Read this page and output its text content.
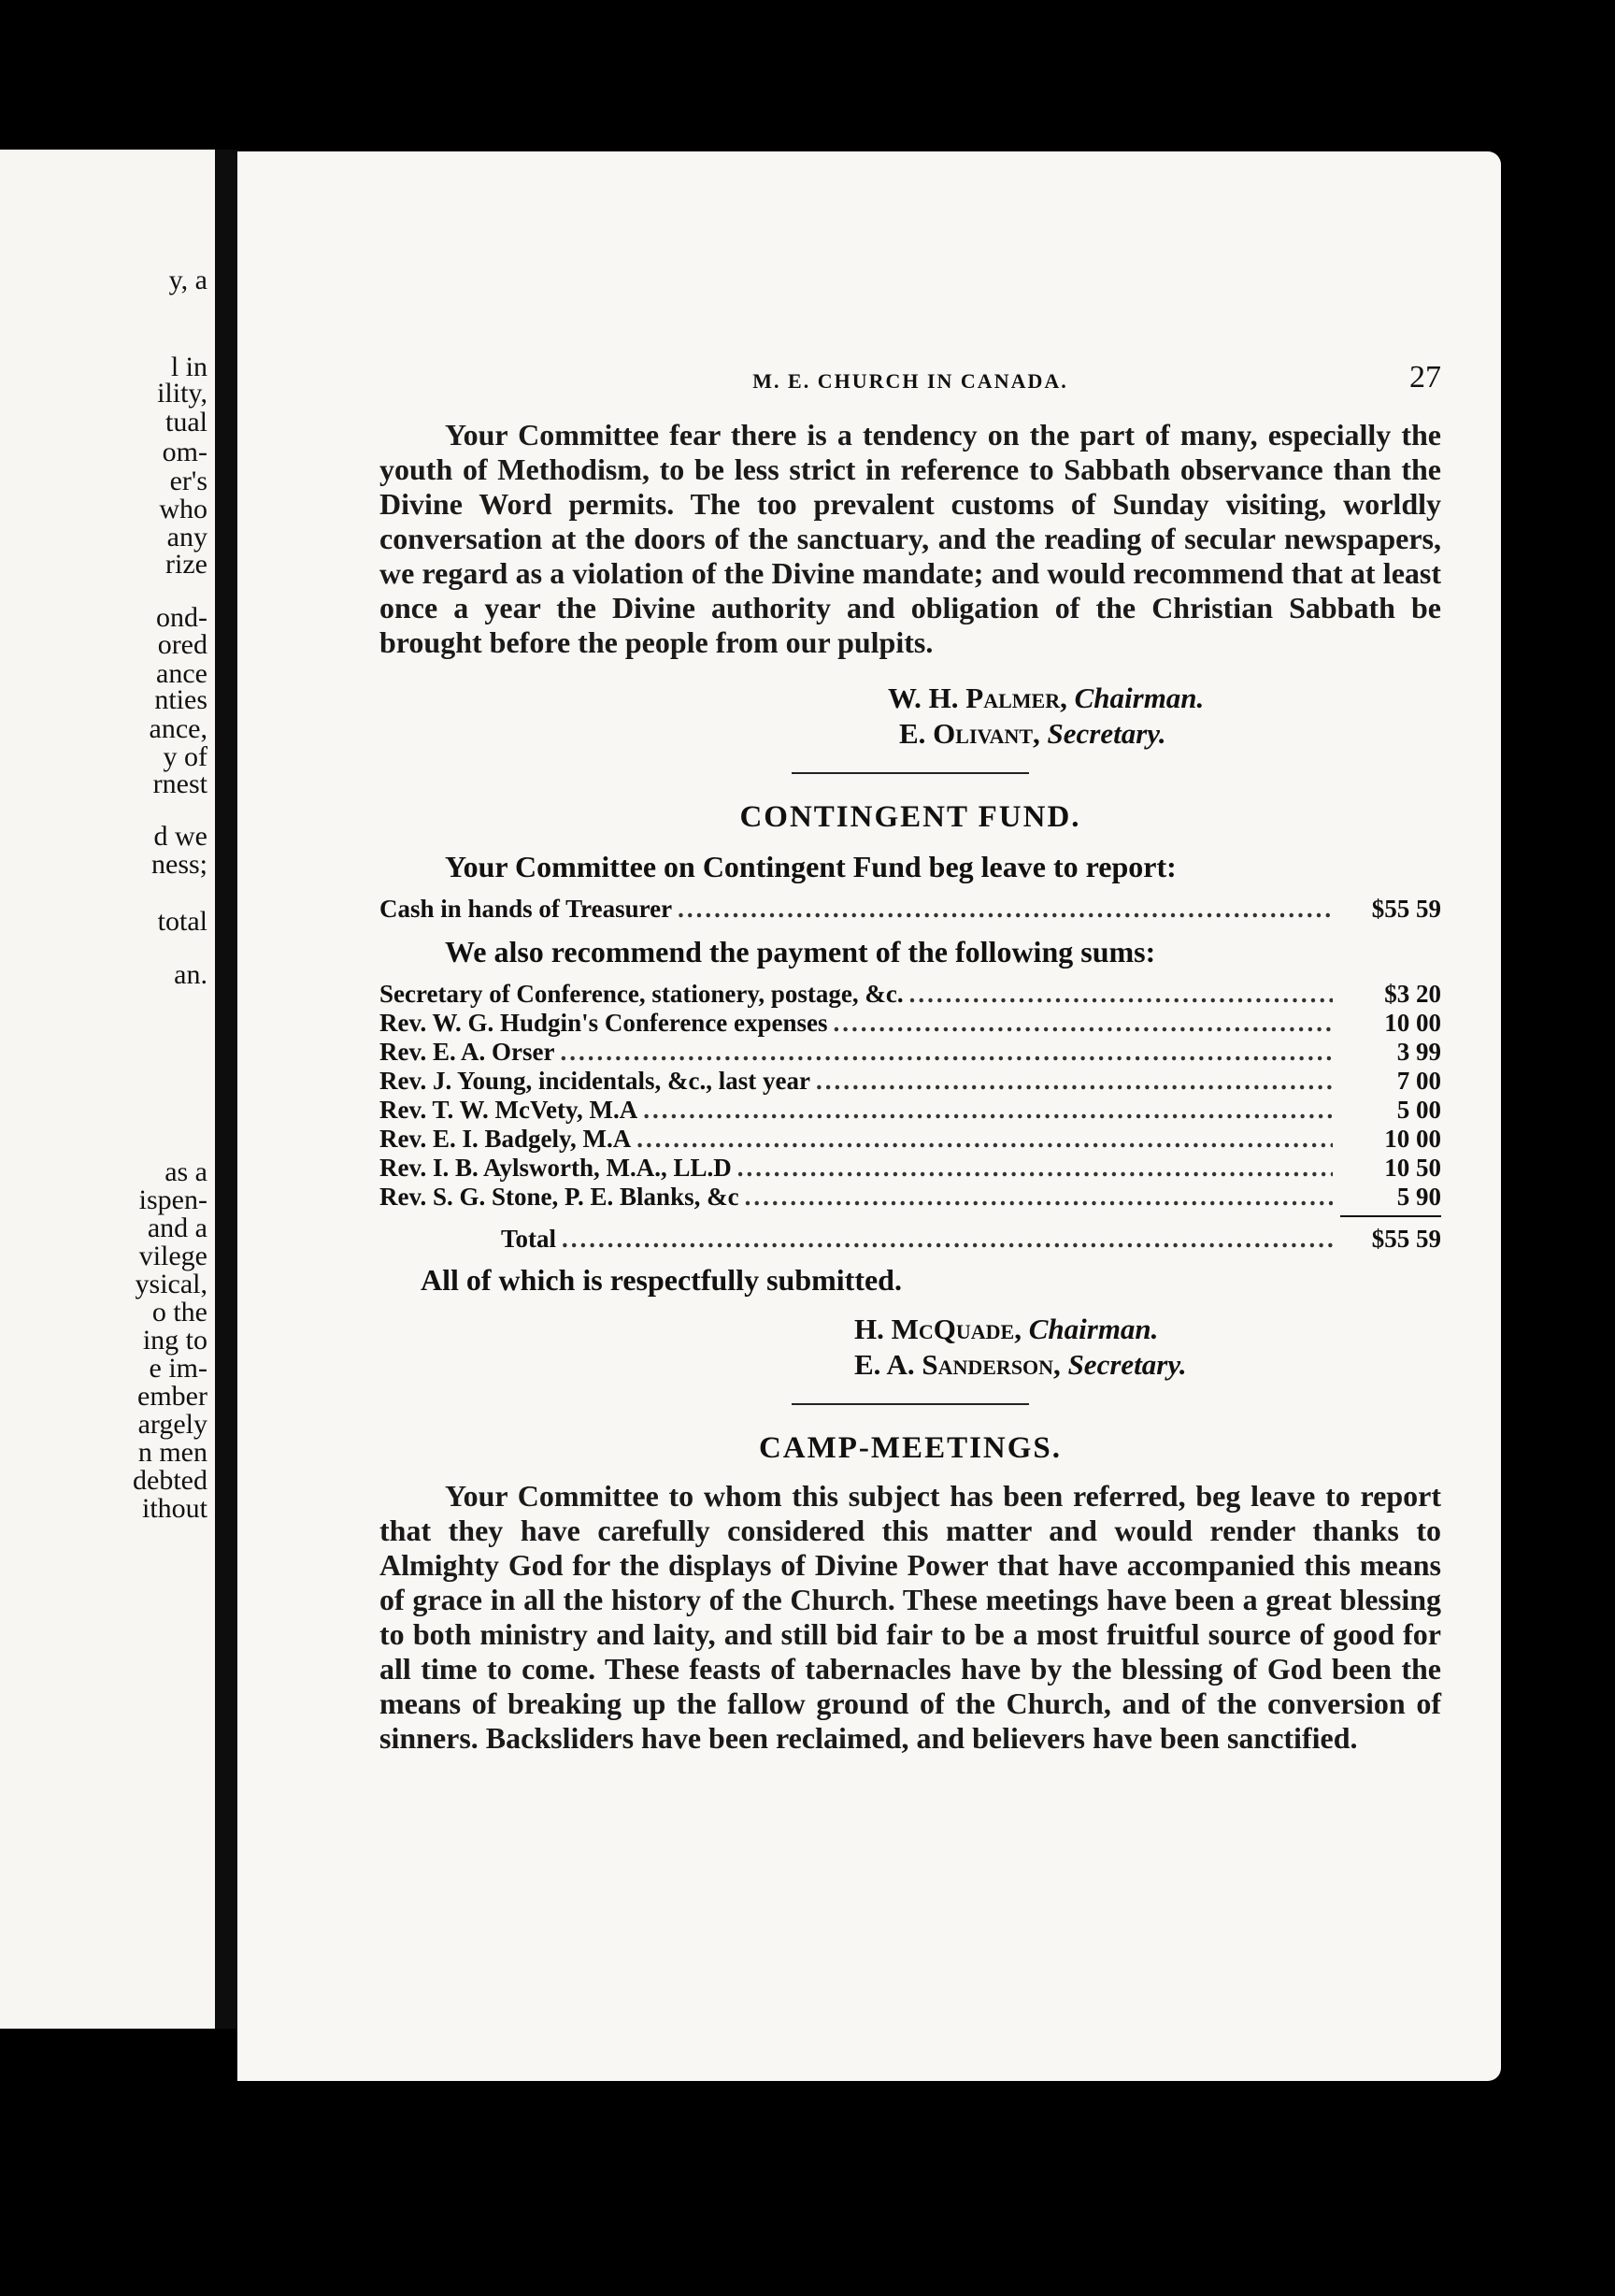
y, a
l in
ility,
tual
om-
er's
who
any
rize
ond-
ored
ance
nties
ance,
y of
rnest
d we
ness;
total
an.
as a
ispen-
and a
vilege
ysical,
o the
ing to
e im-
ember
argely
n men
debted
ithout
M. E. CHURCH IN CANADA.	27

Your Committee fear there is a tendency on the part of many, especially the youth of Methodism, to be less strict in reference to Sabbath observance than the Divine Word permits. The too prevalent customs of Sunday visiting, worldly conversation at the doors of the sanctuary, and the reading of secular newspapers, we regard as a violation of the Divine mandate; and would recommend that at least once a year the Divine authority and obligation of the Christian Sabbath be brought before the people from our pulpits.

W. H. Palmer, Chairman.

E. Olivant, Secretary.

CONTINGENT FUND.

Your Committee on Contingent Fund beg leave to report:

Cash in hands of Treasurer .....	$55 59

We also recommend the payment of the following sums:

Secretary of Conference, stationery, postage, &c. .....	$3 20
Rev. W. G. Hudgin's Conference expenses .....	10 00
Rev. E. A. Orser .....	3 99
Rev. J. Young, incidentals, &c., last year .....	7 00
Rev. T. W. McVety, M.A .....	5 00
Rev. E. I. Badgely, M.A .....	10 00
Rev. I. B. Aylsworth, M.A., LL.D .....	10 50
Rev. S. G. Stone, P. E. Blanks, &c .....	5 90
Total .....	$55 59

All of which is respectfully submitted.

H. McQuade, Chairman.

E. A. Sanderson, Secretary.

CAMP-MEETINGS.

Your Committee to whom this subject has been referred, beg leave to report that they have carefully considered this matter and would render thanks to Almighty God for the displays of Divine Power that have accompanied this means of grace in all the history of the Church. These meetings have been a great blessing to both ministry and laity, and still bid fair to be a most fruitful source of good for all time to come. These feasts of tabernacles have by the blessing of God been the means of breaking up the fallow ground of the Church, and of the conversion of sinners. Backsliders have been reclaimed, and believers have been sanctified.
